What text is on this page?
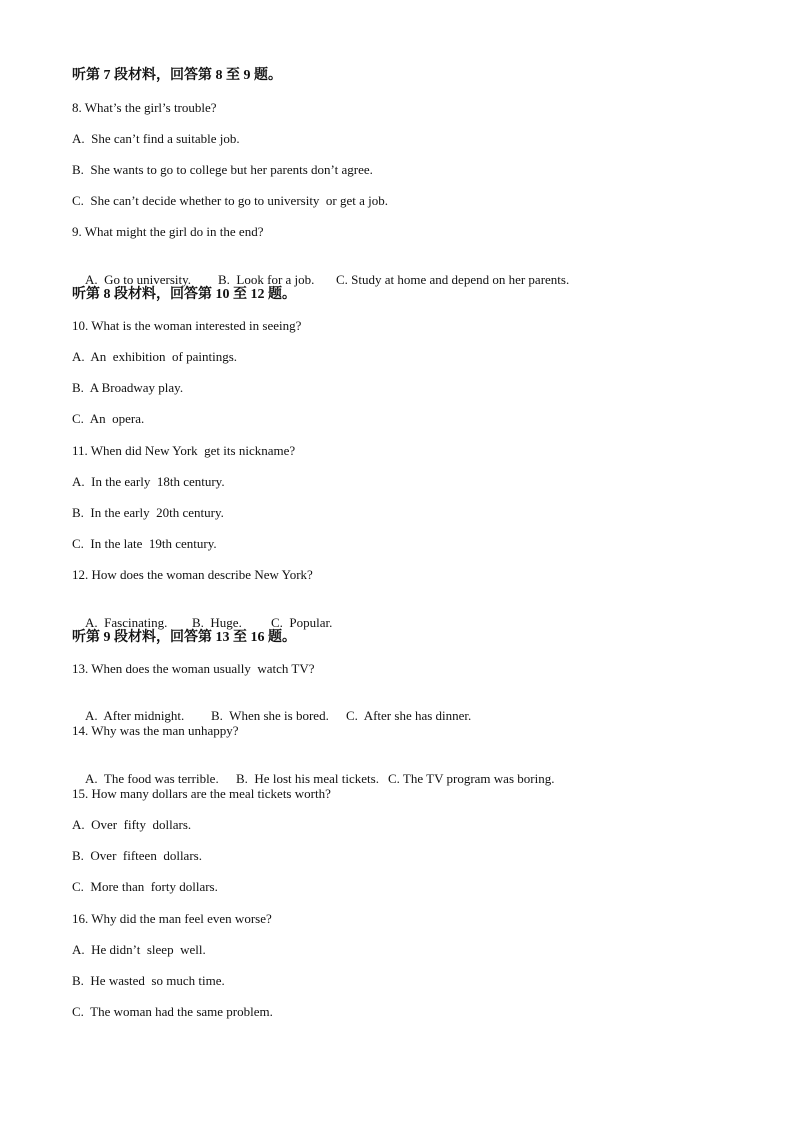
听第 7 段材料，回答第 8 至 9 题。
8. What’s the girl’s trouble?
A.  She can’t find a suitable job.
B.  She wants to go to college but her parents don’t agree.
C.  She can’t decide whether to go to university  or get a job.
9. What might the girl do in the end?

A.  Go to university. B.  Look for a job. C. Study at home and depend on her parents.

听第 8 段材料，回答第 10 至 12 题。
10. What is the woman interested in seeing?
A.  An  exhibition  of paintings.
B.  A Broadway play.
C.  An  opera.
11. When did New York  get its nickname?
A.  In the early  18th century.
B.  In the early  20th century.
C.  In the late  19th century.
12. How does the woman describe New York?

A.  Fascinating. B.  Huge. C.  Popular.

听第 9 段材料，回答第 13 至 16 题。
13. When does the woman usually  watch TV?

A.  After midnight. B.  When she is bored. C.  After she has dinner.

14. Why was the man unhappy?

A.  The food was terrible. B.  He lost his meal tickets. C. The TV program was boring.

15. How many dollars are the meal tickets worth?
A.  Over  fifty  dollars.
B.  Over  fifteen  dollars.
C.  More than  forty dollars.
16. Why did the man feel even worse?
A.  He didn’t  sleep  well.
B.  He wasted  so much time.
C.  The woman had the same problem.
